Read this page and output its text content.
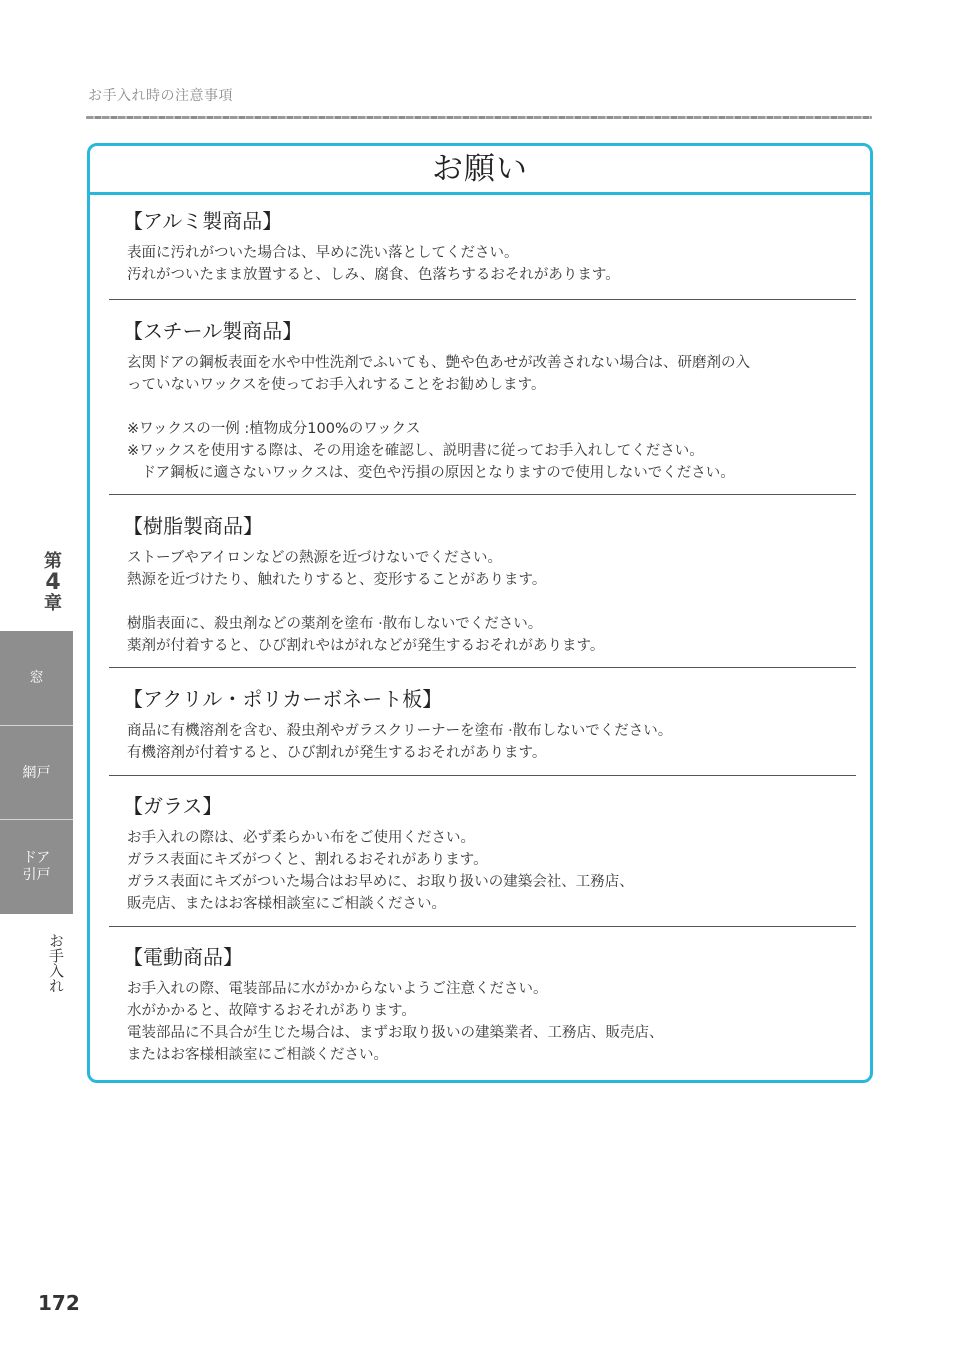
お手入れ時の注意事項
お願い
【アルミ製商品】
表面に汚れがついた場合は、早めに洗い落としてください。
汚れがついたまま放置すると、しみ、腐食、色落ちするおそれがあります。
【スチール製商品】
玄関ドアの鋼板表面を水や中性洗剤でふいても、艶や色あせが改善されない場合は、研磨剤の入
っていないワックスを使ってお手入れすることをお勧めします。
※ワックスの一例 :植物成分100%のワックス
※ワックスを使用する際は、その用途を確認し、説明書に従ってお手入れしてください。
　ドア鋼板に適さないワックスは、変色や汚損の原因となりますので使用しないでください。
【樹脂製商品】
ストーブやアイロンなどの熱源を近づけないでください。
熱源を近づけたり、触れたりすると、変形することがあります。
樹脂表面に、殺虫剤などの薬剤を塗布 ·散布しないでください。
薬剤が付着すると、ひび割れやはがれなどが発生するおそれがあります。
【アクリル・ポリカーボネート板】
商品に有機溶剤を含む、殺虫剤やガラスクリーナーを塗布 ·散布しないでください。
有機溶剤が付着すると、ひび割れが発生するおそれがあります。
【ガラス】
お手入れの際は、必ず柔らかい布をご使用ください。
ガラス表面にキズがつくと、割れるおそれがあります。
ガラス表面にキズがついた場合はお早めに、お取り扱いの建築会社、工務店、
販売店、またはお客様相談室にご相談ください。
【電動商品】
お手入れの際、電装部品に水がかからないようご注意ください。
水がかかると、故障するおそれがあります。
電装部品に不具合が生じた場合は、まずお取り扱いの建築業者、工務店、販売店、
またはお客様相談室にご相談ください。
第
4
章
窓
網戸
ドア
引戸
お手入れ
172
